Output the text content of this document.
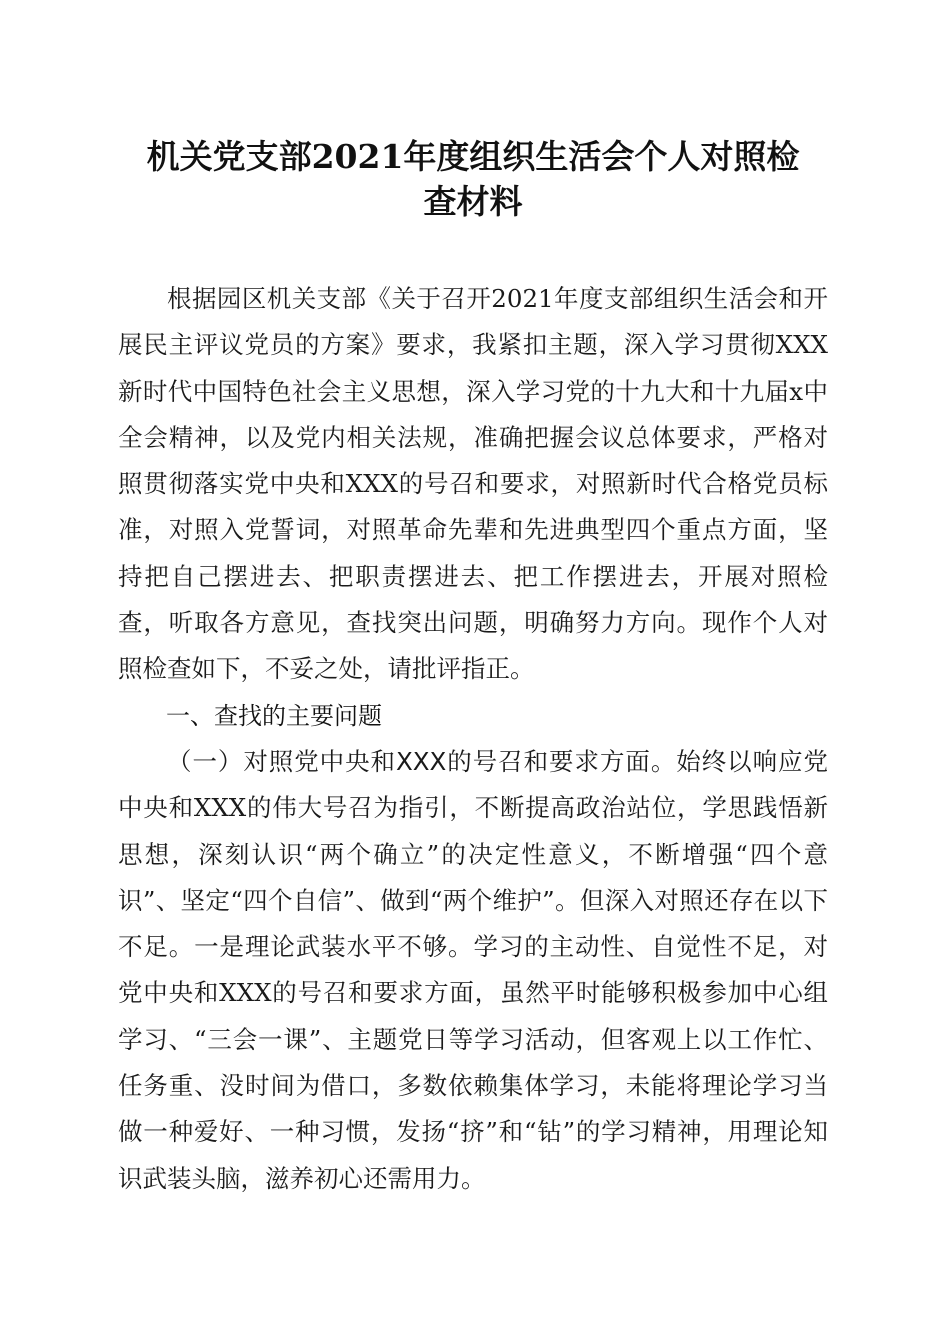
机关党支部2021年度组织生活会个人对照检
查材料

根据园区机关支部《关于召开2021年度支部组织生活会和开展民主评议党员的方案》要求，我紧扣主题，深入学习贯彻XXX新时代中国特色社会主义思想，深入学习党的十九大和十九届x中全会精神，以及党内相关法规，准确把握会议总体要求，严格对照贯彻落实党中央和XXX的号召和要求，对照新时代合格党员标准，对照入党誓词，对照革命先辈和先进典型四个重点方面，坚持把自己摆进去、把职责摆进去、把工作摆进去，开展对照检查，听取各方意见，查找突出问题，明确努力方向。现作个人对照检查如下，不妥之处，请批评指正。

一、查找的主要问题

（一）对照党中央和XXX的号召和要求方面。始终以响应党中央和XXX的伟大号召为指引，不断提高政治站位，学思践悟新思想，深刻认识“两个确立”的决定性意义，不断增强“四个意识”、坚定“四个自信”、做到“两个维护”。但深入对照还存在以下不足。一是理论武装水平不够。学习的主动性、自觉性不足，对党中央和XXX的号召和要求方面，虽然平时能够积极参加中心组学习、“三会一课”、主题党日等学习活动，但客观上以工作忙、任务重、没时间为借口，多数依赖集体学习，未能将理论学习当做一种爱好、一种习惯，发扬“挤”和“钻”的学习精神，用理论知识武装头脑，滋养初心还需用力。
